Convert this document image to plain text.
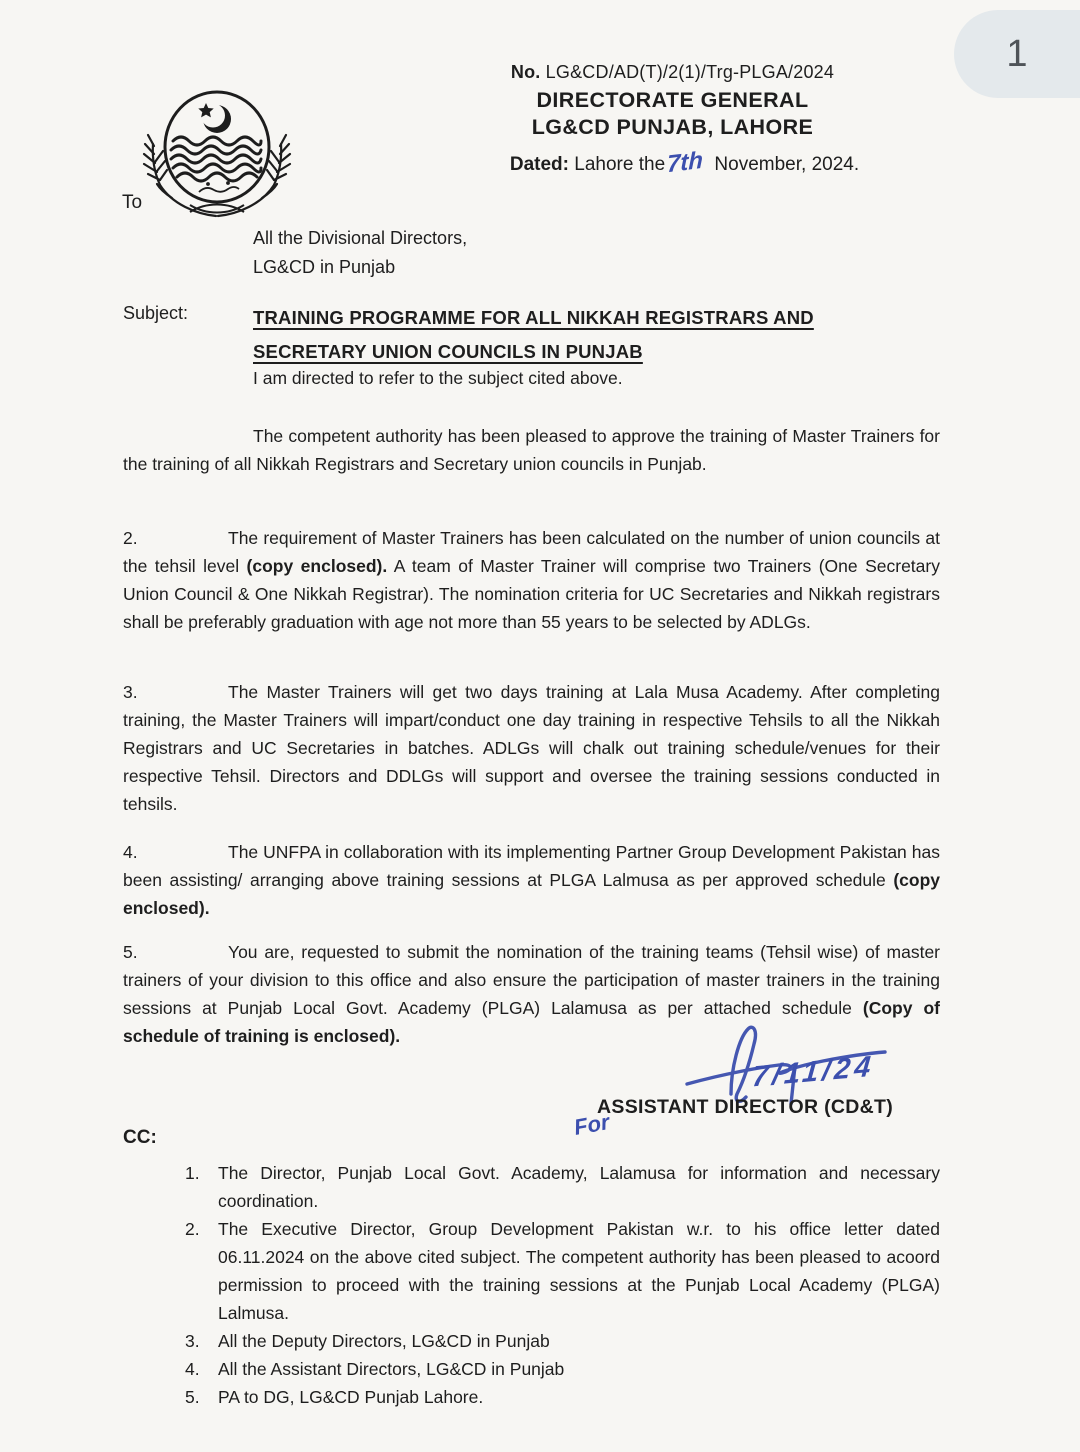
1
No. LG&CD/AD(T)/2(1)/Trg-PLGA/2024
DIRECTORATE GENERAL
LG&CD PUNJAB, LAHORE
Dated: Lahore the7th November, 2024.
To
All the Divisional Directors,
LG&CD in Punjab
Subject:	TRAINING PROGRAMME FOR ALL NIKKAH REGISTRARS AND
SECRETARY UNION COUNCILS IN PUNJAB
I am directed to refer to the subject cited above.

The competent authority has been pleased to approve the training of Master Trainers for the training of all Nikkah Registrars and Secretary union councils in Punjab.

2.	The requirement of Master Trainers has been calculated on the number of union councils at the tehsil level (copy enclosed). A team of Master Trainer will comprise two Trainers (One Secretary Union Council & One Nikkah Registrar). The nomination criteria for UC Secretaries and Nikkah registrars shall be preferably graduation with age not more than 55 years to be selected by ADLGs.

3.	The Master Trainers will get two days training at Lala Musa Academy. After completing training, the Master Trainers will impart/conduct one day training in respective Tehsils to all the Nikkah Registrars and UC Secretaries in batches. ADLGs will chalk out training schedule/venues for their respective Tehsil. Directors and DDLGs will support and oversee the training sessions conducted in tehsils.

4.	The UNFPA in collaboration with its implementing Partner Group Development Pakistan has been assisting/ arranging above training sessions at PLGA Lalmusa as per approved schedule (copy enclosed).

5.	You are, requested to submit the nomination of the training teams (Tehsil wise) of master trainers of your division to this office and also ensure the participation of master trainers in the training sessions at Punjab Local Govt. Academy (PLGA) Lalamusa as per attached schedule (Copy of schedule of training is enclosed).

7/11/24
ASSISTANT DIRECTOR (CD&T)
For
CC:
1.	The Director, Punjab Local Govt. Academy, Lalamusa for information and necessary coordination.
2.	The Executive Director, Group Development Pakistan w.r. to his office letter dated 06.11.2024 on the above cited subject. The competent authority has been pleased to acoord permission to proceed with the training sessions at the Punjab Local Academy (PLGA) Lalmusa.
3.	All the Deputy Directors, LG&CD in Punjab
4.	All the Assistant Directors, LG&CD in Punjab
5.	PA to DG, LG&CD Punjab Lahore.
